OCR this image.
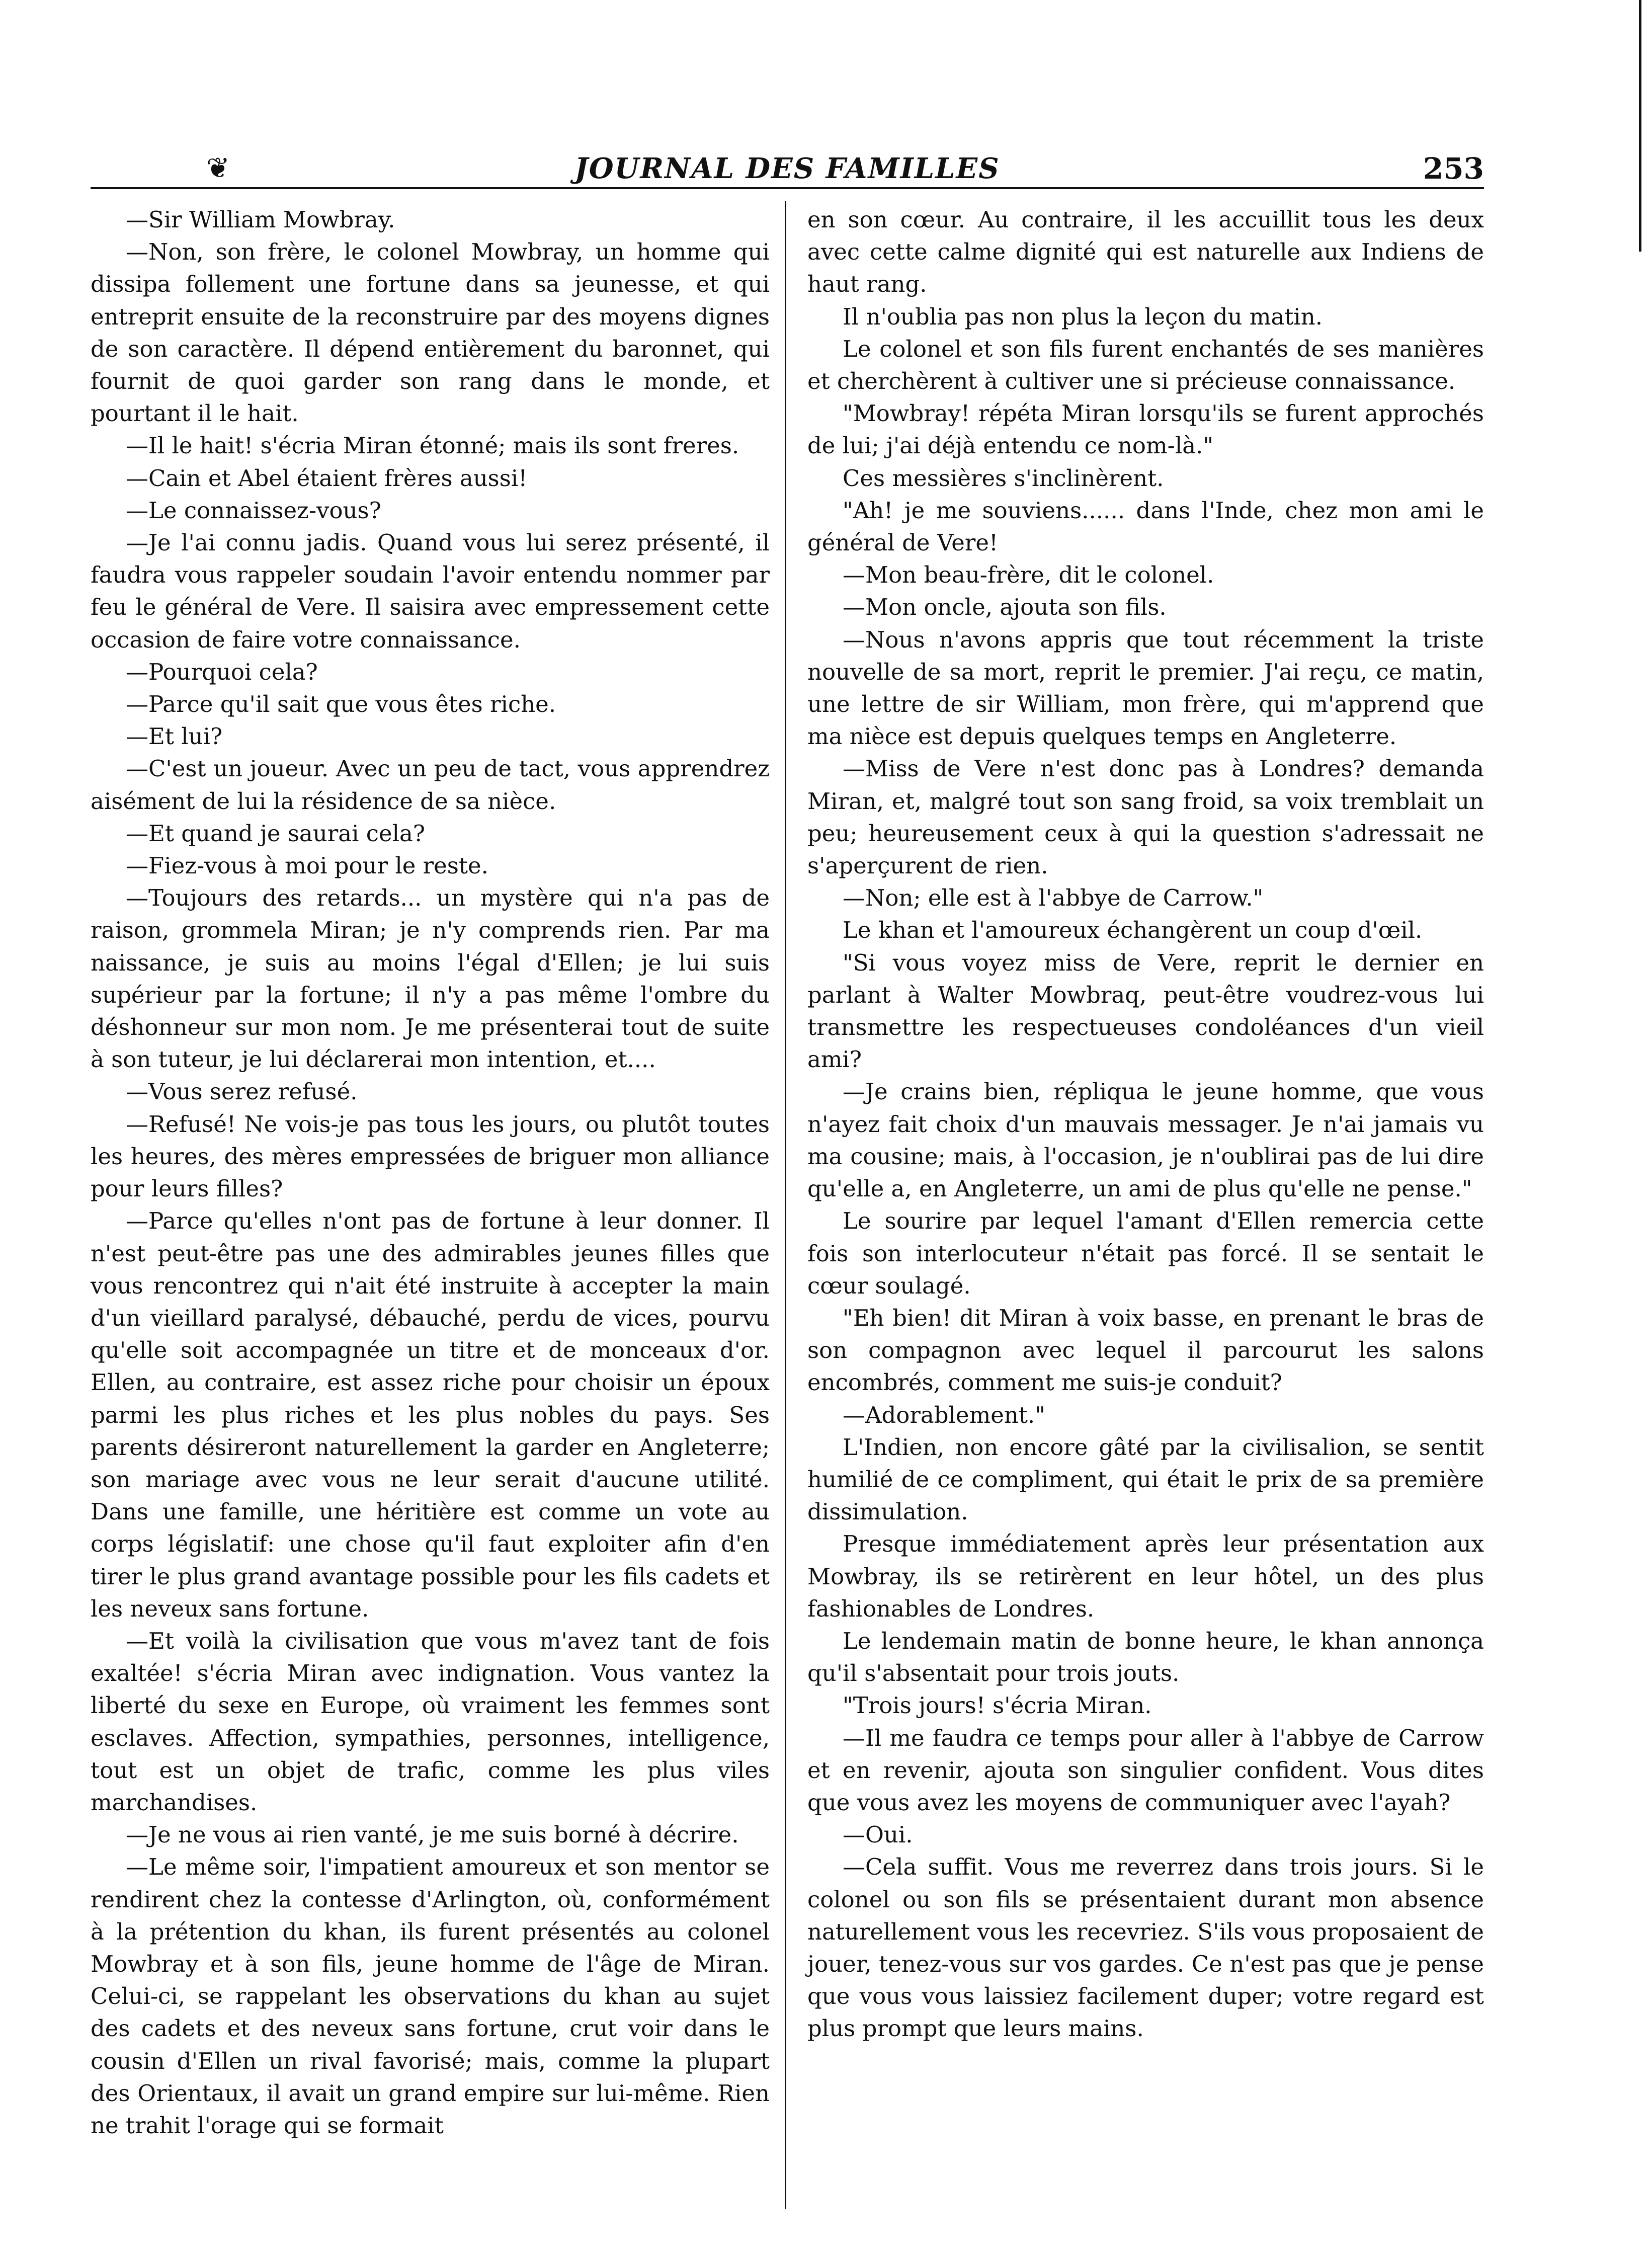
❦	JOURNAL DES FAMILLES	253

—Sir William Mowbray.

—Non, son frère, le colonel Mowbray, un homme qui dissipa follement une fortune dans sa jeunesse, et qui entreprit ensuite de la reconstruire par des moyens dignes de son caractère. Il dépend entièrement du baronnet, qui fournit de quoi garder son rang dans le monde, et pourtant il le hait.

—Il le hait! s'écria Miran étonné; mais ils sont freres.

—Cain et Abel étaient frères aussi!

—Le connaissez-vous?

—Je l'ai connu jadis. Quand vous lui serez présenté, il faudra vous rappeler soudain l'avoir entendu nommer par feu le général de Vere. Il saisira avec empressement cette occasion de faire votre connaissance.

—Pourquoi cela?

—Parce qu'il sait que vous êtes riche.

—Et lui?

—C'est un joueur. Avec un peu de tact, vous apprendrez aisément de lui la résidence de sa nièce.

—Et quand je saurai cela?

—Fiez-vous à moi pour le reste.

—Toujours des retards... un mystère qui n'a pas de raison, grommela Miran; je n'y comprends rien. Par ma naissance, je suis au moins l'égal d'Ellen; je lui suis supérieur par la fortune; il n'y a pas même l'ombre du déshonneur sur mon nom. Je me présenterai tout de suite à son tuteur, je lui déclarerai mon intention, et....

—Vous serez refusé.

—Refusé! Ne vois-je pas tous les jours, ou plutôt toutes les heures, des mères empressées de briguer mon alliance pour leurs filles?

—Parce qu'elles n'ont pas de fortune à leur donner. Il n'est peut-être pas une des admirables jeunes filles que vous rencontrez qui n'ait été instruite à accepter la main d'un vieillard paralysé, débauché, perdu de vices, pourvu qu'elle soit accompagnée un titre et de monceaux d'or. Ellen, au contraire, est assez riche pour choisir un époux parmi les plus riches et les plus nobles du pays. Ses parents désireront naturellement la garder en Angleterre; son mariage avec vous ne leur serait d'aucune utilité. Dans une famille, une héritière est comme un vote au corps législatif: une chose qu'il faut exploiter afin d'en tirer le plus grand avantage possible pour les fils cadets et les neveux sans fortune.

—Et voilà la civilisation que vous m'avez tant de fois exaltée! s'écria Miran avec indignation. Vous vantez la liberté du sexe en Europe, où vraiment les femmes sont esclaves. Affection, sympathies, personnes, intelligence, tout est un objet de trafic, comme les plus viles marchandises.

—Je ne vous ai rien vanté, je me suis borné à décrire.

—Le même soir, l'impatient amoureux et son mentor se rendirent chez la contesse d'Arlington, où, conformément à la prétention du khan, ils furent présentés au colonel Mowbray et à son fils, jeune homme de l'âge de Miran. Celui-ci, se rappelant les observations du khan au sujet des cadets et des neveux sans fortune, crut voir dans le cousin d'Ellen un rival favorisé; mais, comme la plupart des Orientaux, il avait un grand empire sur lui-même. Rien ne trahit l'orage qui se formait

en son cœur. Au contraire, il les accuillit tous les deux avec cette calme dignité qui est naturelle aux Indiens de haut rang.

Il n'oublia pas non plus la leçon du matin.

Le colonel et son fils furent enchantés de ses manières et cherchèrent à cultiver une si précieuse connaissance.

"Mowbray! répéta Miran lorsqu'ils se furent approchés de lui; j'ai déjà entendu ce nom-là."

Ces messières s'inclinèrent.

"Ah! je me souviens...... dans l'Inde, chez mon ami le général de Vere!

—Mon beau-frère, dit le colonel.

—Mon oncle, ajouta son fils.

—Nous n'avons appris que tout récemment la triste nouvelle de sa mort, reprit le premier. J'ai reçu, ce matin, une lettre de sir William, mon frère, qui m'apprend que ma nièce est depuis quelques temps en Angleterre.

—Miss de Vere n'est donc pas à Londres? demanda Miran, et, malgré tout son sang froid, sa voix tremblait un peu; heureusement ceux à qui la question s'adressait ne s'aperçurent de rien.

—Non; elle est à l'abbye de Carrow."

Le khan et l'amoureux échangèrent un coup d'œil.

"Si vous voyez miss de Vere, reprit le dernier en parlant à Walter Mowbraq, peut-être voudrez-vous lui transmettre les respectueuses condoléances d'un vieil ami?

—Je crains bien, répliqua le jeune homme, que vous n'ayez fait choix d'un mauvais messager. Je n'ai jamais vu ma cousine; mais, à l'occasion, je n'oublirai pas de lui dire qu'elle a, en Angleterre, un ami de plus qu'elle ne pense."

Le sourire par lequel l'amant d'Ellen remercia cette fois son interlocuteur n'était pas forcé. Il se sentait le cœur soulagé.

"Eh bien! dit Miran à voix basse, en prenant le bras de son compagnon avec lequel il parcourut les salons encombrés, comment me suis-je conduit?

—Adorablement."

L'Indien, non encore gâté par la civilisalion, se sentit humilié de ce compliment, qui était le prix de sa première dissimulation.

Presque immédiatement après leur présentation aux Mowbray, ils se retirèrent en leur hôtel, un des plus fashionables de Londres.

Le lendemain matin de bonne heure, le khan annonça qu'il s'absentait pour trois jouts.

"Trois jours! s'écria Miran.

—Il me faudra ce temps pour aller à l'abbye de Carrow et en revenir, ajouta son singulier confident. Vous dites que vous avez les moyens de communiquer avec l'ayah?

—Oui.

—Cela suffit. Vous me reverrez dans trois jours. Si le colonel ou son fils se présentaient durant mon absence naturellement vous les recevriez. S'ils vous proposaient de jouer, tenez-vous sur vos gardes. Ce n'est pas que je pense que vous vous laissiez facilement duper; votre regard est plus prompt que leurs mains.
